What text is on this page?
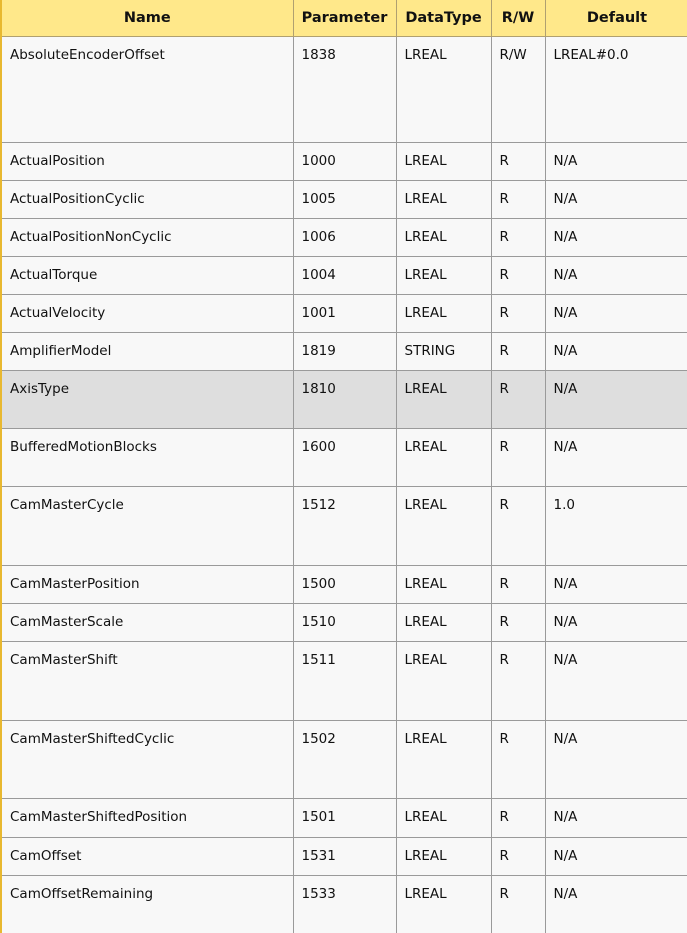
Name	Parameter	DataType	R/W	Default
AbsoluteEncoderOffset	1838	LREAL	R/W	LREAL#0.0
ActualPosition	1000	LREAL	R	N/A
ActualPositionCyclic	1005	LREAL	R	N/A
ActualPositionNonCyclic	1006	LREAL	R	N/A
ActualTorque	1004	LREAL	R	N/A
ActualVelocity	1001	LREAL	R	N/A
AmplifierModel	1819	STRING	R	N/A
AxisType	1810	LREAL	R	N/A
BufferedMotionBlocks	1600	LREAL	R	N/A
CamMasterCycle	1512	LREAL	R	1.0
CamMasterPosition	1500	LREAL	R	N/A
CamMasterScale	1510	LREAL	R	N/A
CamMasterShift	1511	LREAL	R	N/A
CamMasterShiftedCyclic	1502	LREAL	R	N/A
CamMasterShiftedPosition	1501	LREAL	R	N/A
CamOffset	1531	LREAL	R	N/A
CamOffsetRemaining	1533	LREAL	R	N/A
